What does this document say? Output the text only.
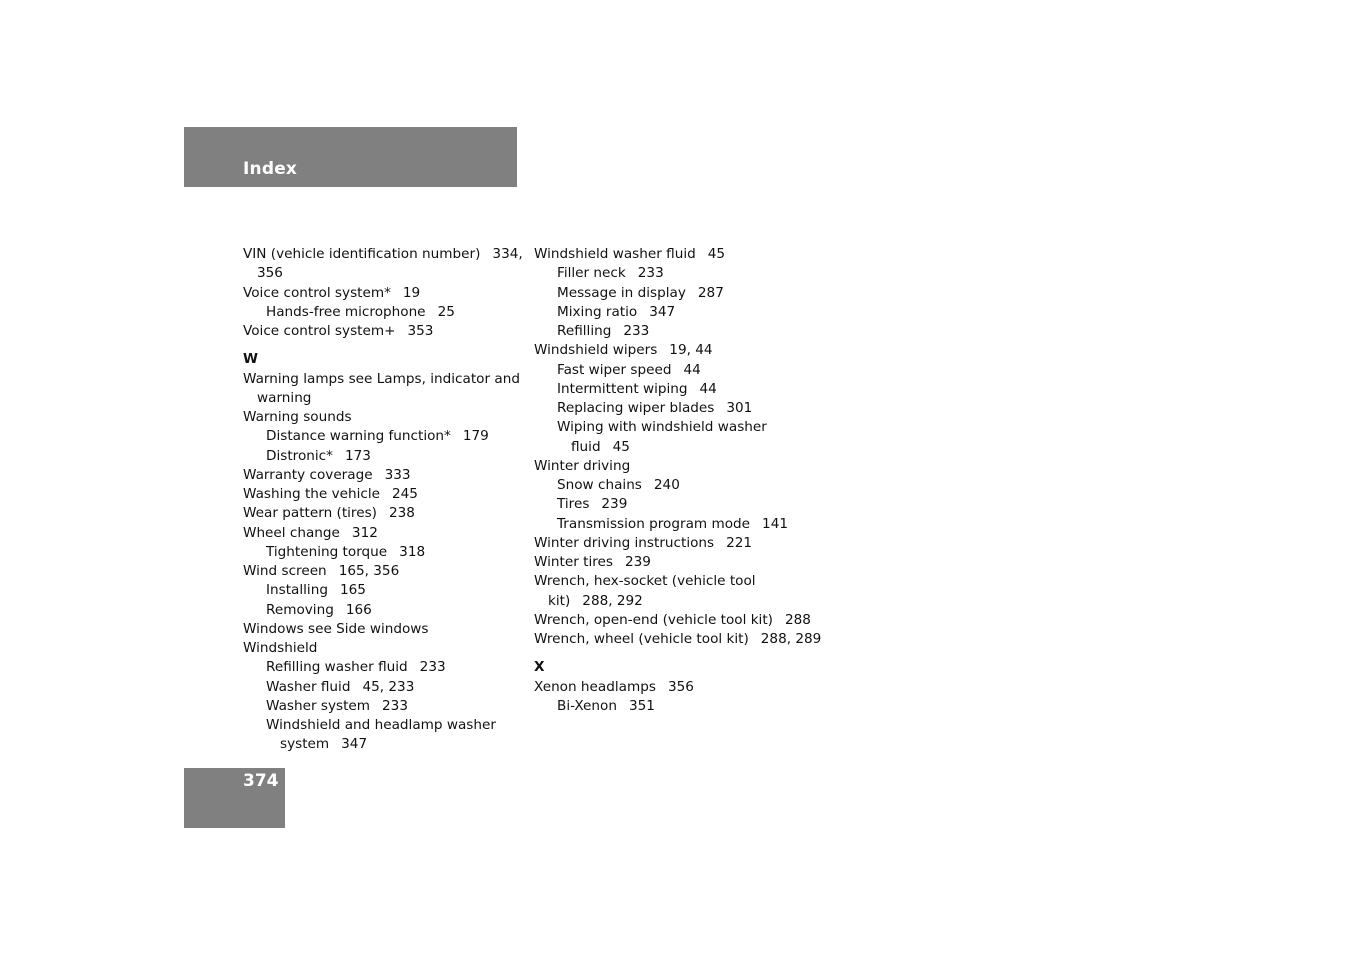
Index
VIN (vehicle identification number) 334,
356
Voice control system* 19
Hands-free microphone 25
Voice control system+ 353
W
Warning lamps see Lamps, indicator and
warning
Warning sounds
Distance warning function* 179
Distronic* 173
Warranty coverage 333
Washing the vehicle 245
Wear pattern (tires) 238
Wheel change 312
Tightening torque 318
Wind screen 165, 356
Installing 165
Removing 166
Windows see Side windows
Windshield
Refilling washer fluid 233
Washer fluid 45, 233
Washer system 233
Windshield and headlamp washer
system 347
Windshield washer fluid 45
Filler neck 233
Message in display 287
Mixing ratio 347
Refilling 233
Windshield wipers 19, 44
Fast wiper speed 44
Intermittent wiping 44
Replacing wiper blades 301
Wiping with windshield washer
fluid 45
Winter driving
Snow chains 240
Tires 239
Transmission program mode 141
Winter driving instructions 221
Winter tires 239
Wrench, hex-socket (vehicle tool
kit) 288, 292
Wrench, open-end (vehicle tool kit) 288
Wrench, wheel (vehicle tool kit) 288, 289
X
Xenon headlamps 356
Bi-Xenon 351
374
